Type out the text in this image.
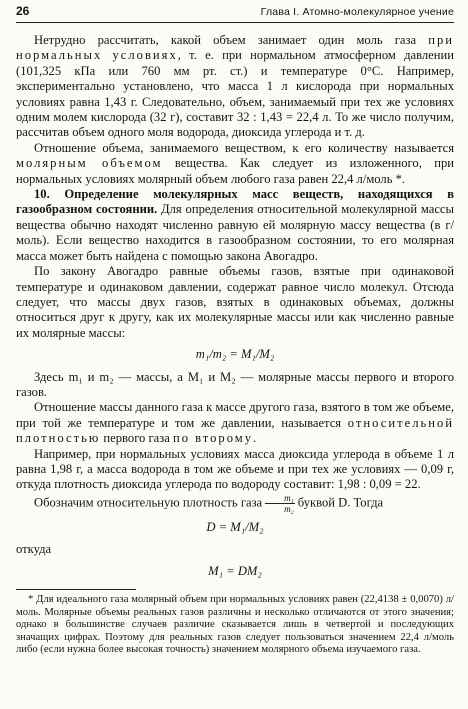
26	Глава I. Атомно-молекулярное учение

Нетрудно рассчитать, какой объем занимает один моль газа при нормальных условиях, т. е. при нормальном атмосферном давлении (101,325 кПа или 760 мм рт. ст.) и температуре 0°С. Например, экспериментально установлено, что масса 1 л кислорода при нормальных условиях равна 1,43 г. Следовательно, объем, занимаемый при тех же условиях одним молем кислорода (32 г), составит 32 : 1,43 = 22,4 л. То же число получим, рассчитав объем одного моля водорода, диоксида углерода и т. д.

Отношение объема, занимаемого веществом, к его количеству называется молярным объемом вещества. Как следует из изложенного, при нормальных условиях молярный объем любого газа равен 22,4 л/моль *.

10. Определение молекулярных масс веществ, находящихся в газообразном состоянии. Для определения относительной молекулярной массы вещества обычно находят численно равную ей молярную массу вещества (в г/моль). Если вещество находится в газообразном состоянии, то его молярная масса может быть найдена с помощью закона Авогадро.

По закону Авогадро равные объемы газов, взятые при одинаковой температуре и одинаковом давлении, содержат равное число молекул. Отсюда следует, что массы двух газов, взятых в одинаковых объемах, должны относиться друг к другу, как их молекулярные массы или как численно равные их молярные массы:

m₁/m₂ = M₁/M₂

Здесь m₁ и m₂ — массы, а M₁ и M₂ — молярные массы первого и второго газов.

Отношение массы данного газа к массе другого газа, взятого в том же объеме, при той же температуре и том же давлении, называется относительной плотностью первого газа по второму.

Например, при нормальных условиях масса диоксида углерода в объеме 1 л равна 1,98 г, а масса водорода в том же объеме и при тех же условиях — 0,09 г, откуда плотность диоксида углерода по водороду составит: 1,98 : 0,09 = 22.

Обозначим относительную плотность газа $\frac{\text{m₁}}{\text{m₂}}$ буквой D. Тогда

D = M₁/M₂

откуда

M₁ = DM₂

* Для идеального газа молярный объем при нормальных условиях равен (22,4138 ± 0,0070) л/моль. Молярные объемы реальных газов различны и несколько отличаются от этого значения; однако в большинстве случаев различие сказывается лишь в четвертой и последующих значащих цифрах. Поэтому для реальных газов следует пользоваться значением 22,4 л/моль либо (если нужна более высокая точность) значением молярного объема изучаемого газа.
